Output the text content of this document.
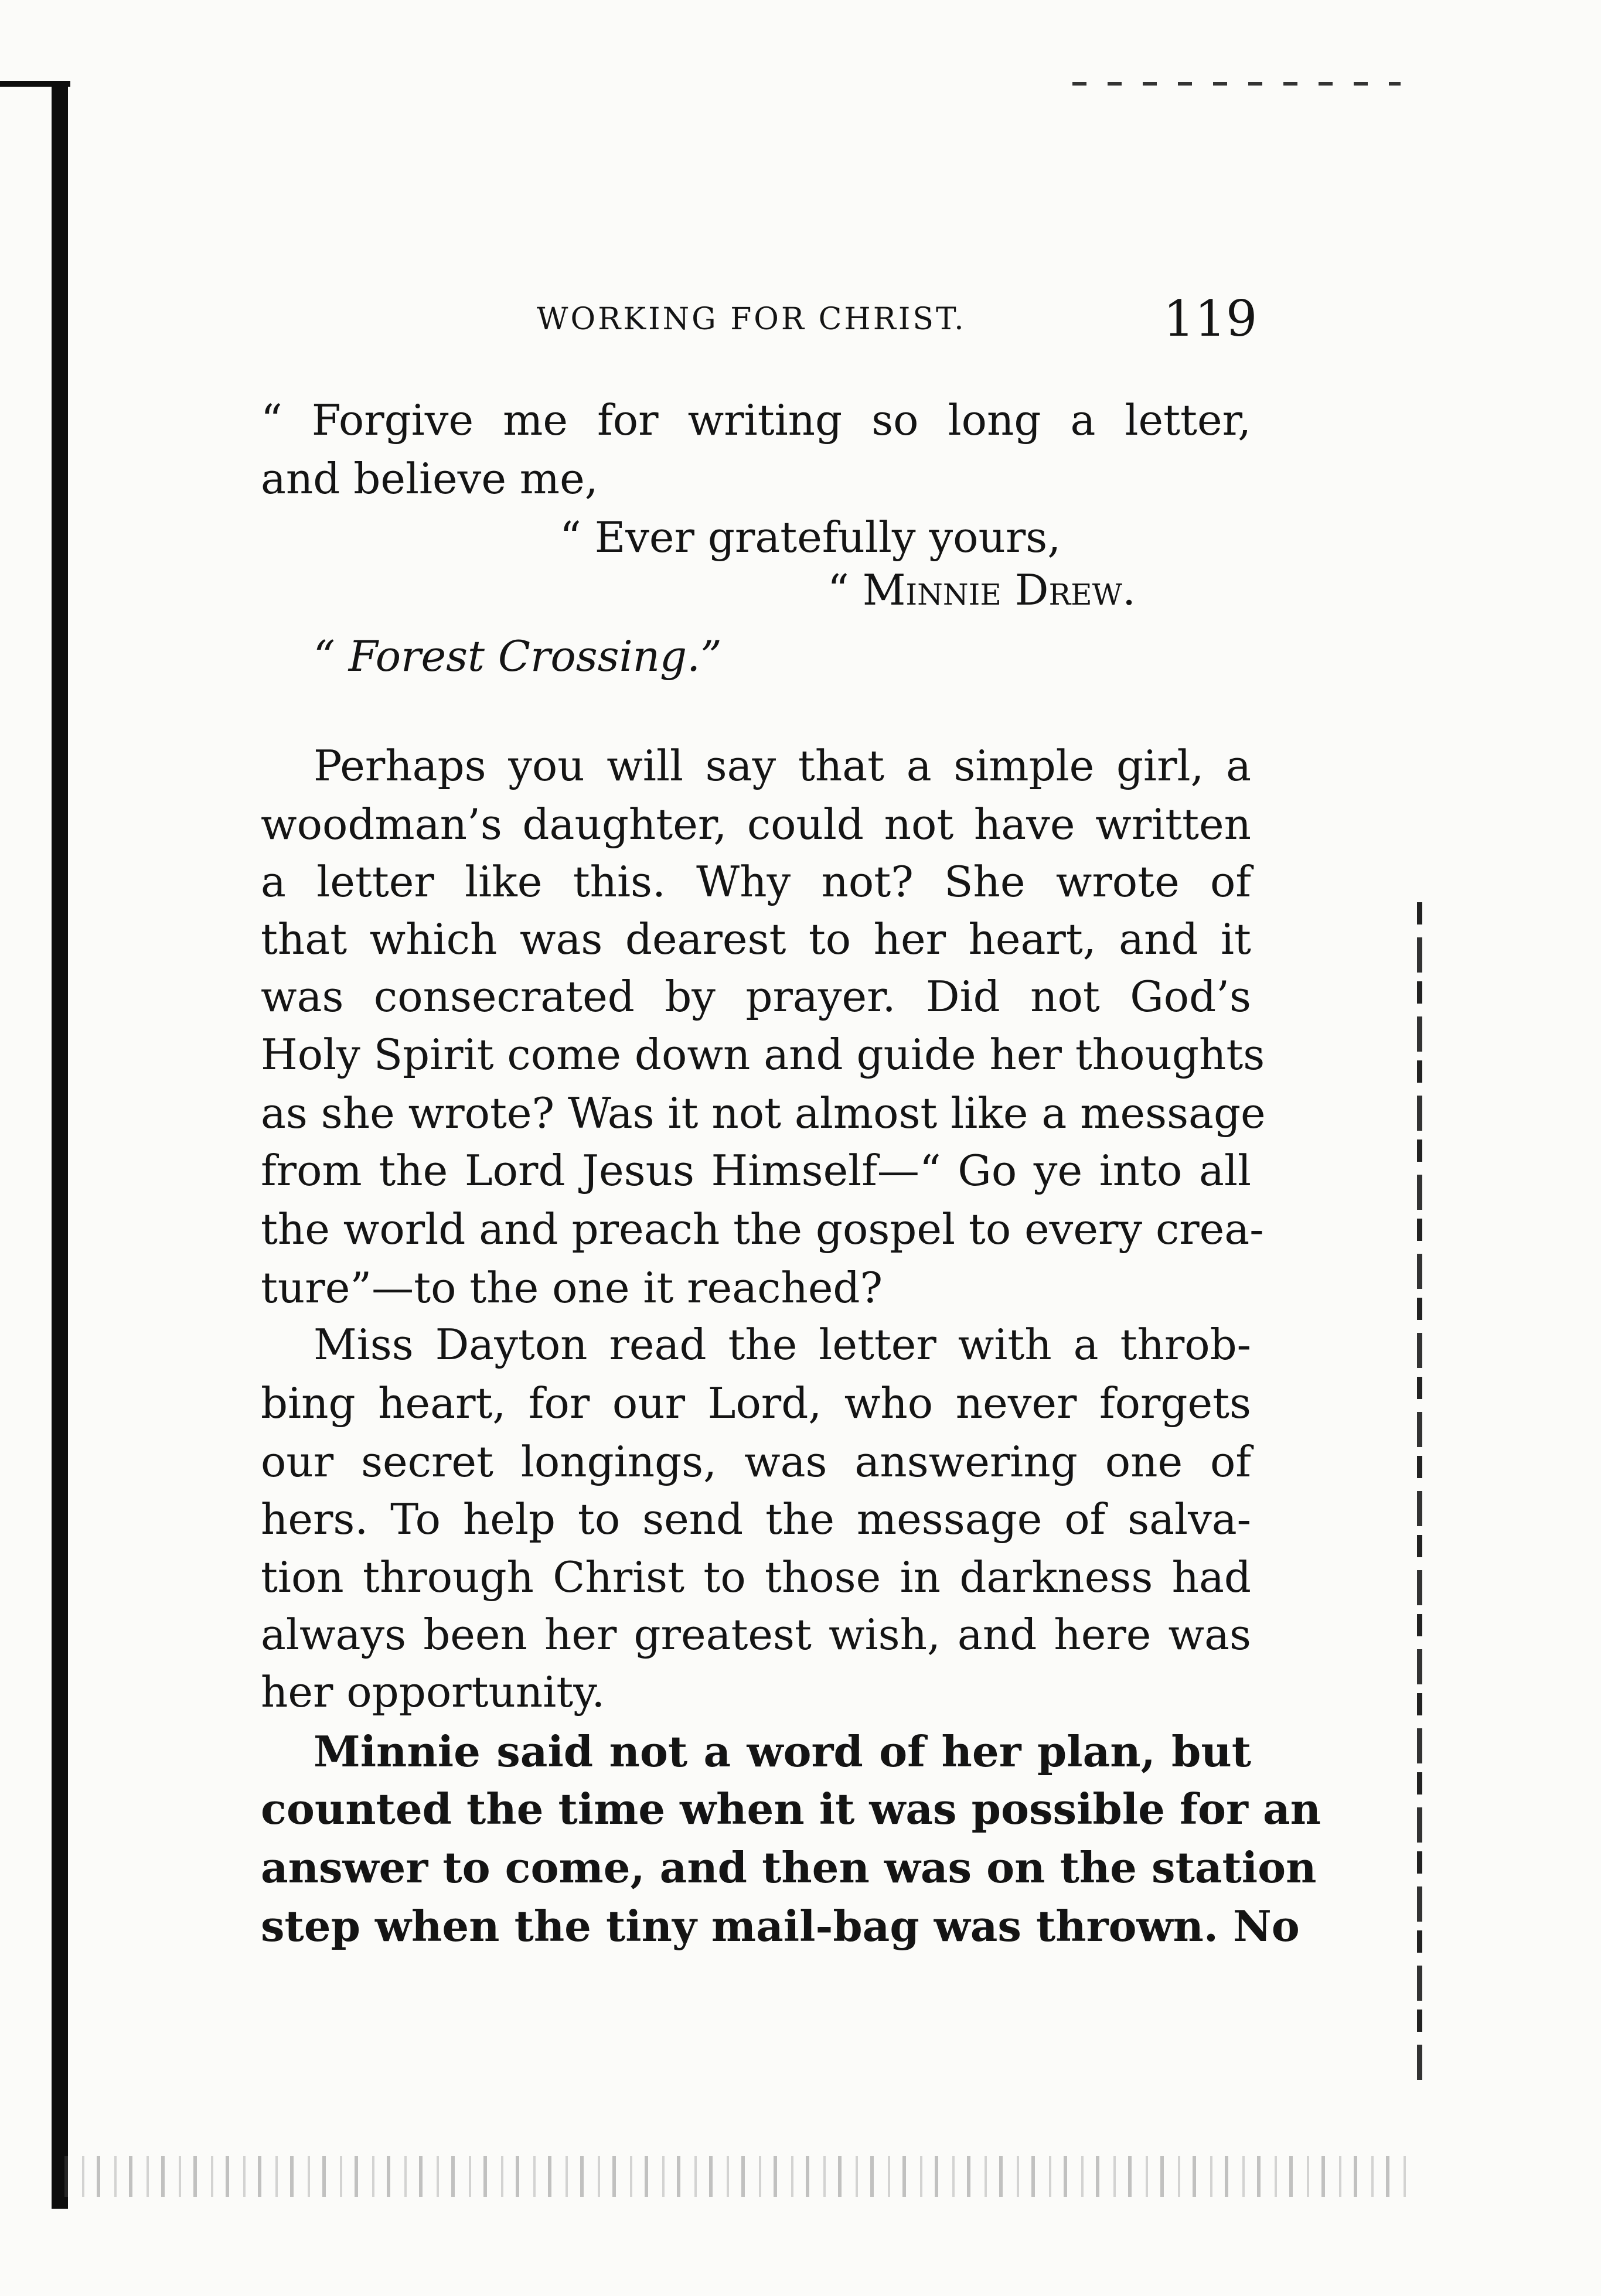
WORKING FOR CHRIST.	119
“ Forgive me for writing so long a letter,
and believe me,
“ Ever gratefully yours,
“ Minnie Drew.
“ Forest Crossing.”
Perhaps you will say that a simple girl, a
woodman’s daughter, could not have written
a letter like this. Why not? She wrote of
that which was dearest to her heart, and it
was consecrated by prayer. Did not God’s
Holy Spirit come down and guide her thoughts
as she wrote? Was it not almost like a message
from the Lord Jesus Himself—“ Go ye into all
the world and preach the gospel to every crea-
ture”—to the one it reached?
Miss Dayton read the letter with a throb-
bing heart, for our Lord, who never forgets
our secret longings, was answering one of
hers. To help to send the message of salva-
tion through Christ to those in darkness had
always been her greatest wish, and here was
her opportunity.
Minnie said not a word of her plan, but
counted the time when it was possible for an
answer to come, and then was on the station
step when the tiny mail-bag was thrown. No
